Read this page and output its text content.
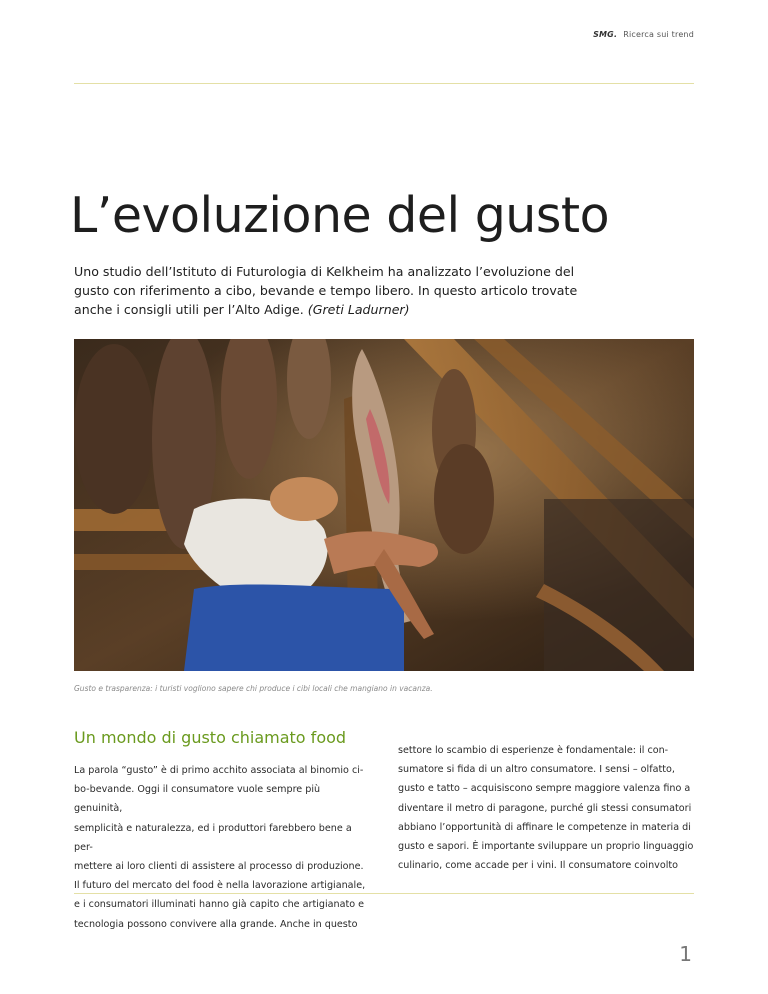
SMG. Ricerca sui trend
L’evoluzione del gusto

Uno studio dell’Istituto di Futurologia di Kelkheim ha analizzato l’evoluzione del gusto con riferimento a cibo, bevande e tempo libero. In questo articolo trovate anche i consigli utili per l’Alto Adige. (Greti Ladurner)

Gusto e trasparenza: i turisti vogliono sapere chi produce i cibi locali che mangiano in vacanza.
Un mondo di gusto chiamato food
La parola “gusto” è di primo acchito associata al binomio ci-
bo-bevande. Oggi il consumatore vuole sempre più genuinità,
semplicità e naturalezza, ed i produttori farebbero bene a per-
mettere ai loro clienti di assistere al processo di produzione.
Il futuro del mercato del food è nella lavorazione artigianale,
e i consumatori illuminati hanno già capito che artigianato e
tecnologia possono convivere alla grande. Anche in questo
settore lo scambio di esperienze è fondamentale: il con-
sumatore si fida di un altro consumatore. I sensi – olfatto,
gusto e tatto – acquisiscono sempre maggiore valenza fino a
diventare il metro di paragone, purché gli stessi consumatori
abbiano l’opportunità di affinare le competenze in materia di
gusto e sapori. È importante sviluppare un proprio linguaggio
culinario, come accade per i vini. Il consumatore coinvolto
1
